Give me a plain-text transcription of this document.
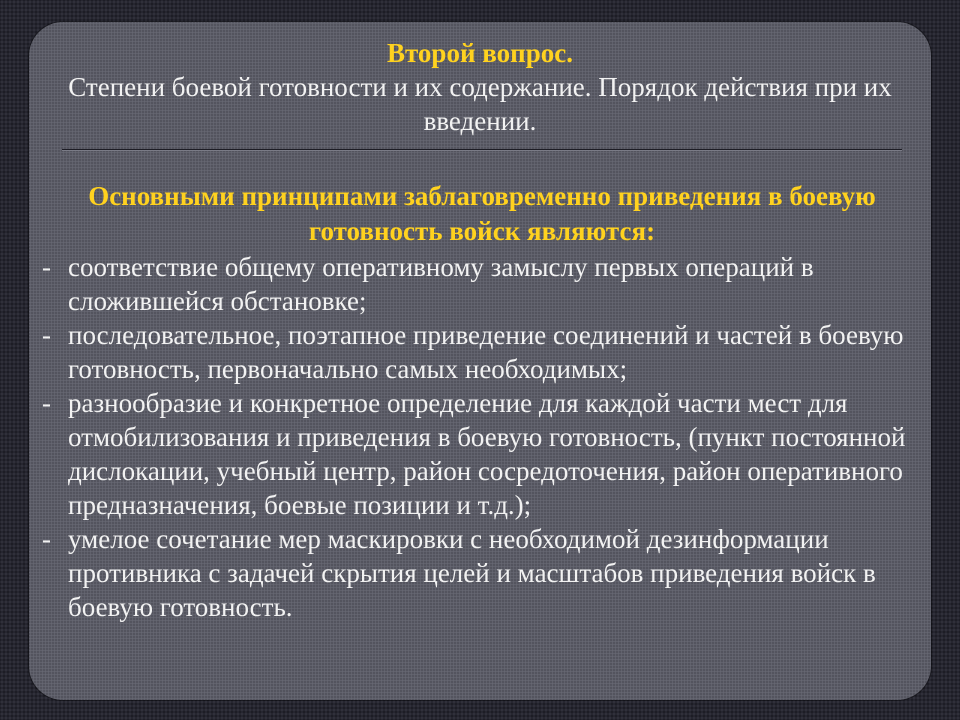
Второй вопрос.

Степени боевой готовности и их содержание. Порядок действия при их введении.

Основными принципами заблаговременно приведения в боевую готовность войск являются:

- соответствие общему оперативному замыслу первых операций в сложившейся обстановке;
- последовательное, поэтапное приведение соединений и частей в боевую готовность, первоначально самых необходимых;
- разнообразие и конкретное определение для каждой части мест для отмобилизования и приведения в боевую готовность, (пункт постоянной дислокации, учебный центр, район сосредоточения, район оперативного предназначения, боевые позиции и т.д.);
- умелое сочетание мер маскировки с необходимой дезинформации противника с задачей скрытия целей и масштабов приведения войск в боевую готовность.
